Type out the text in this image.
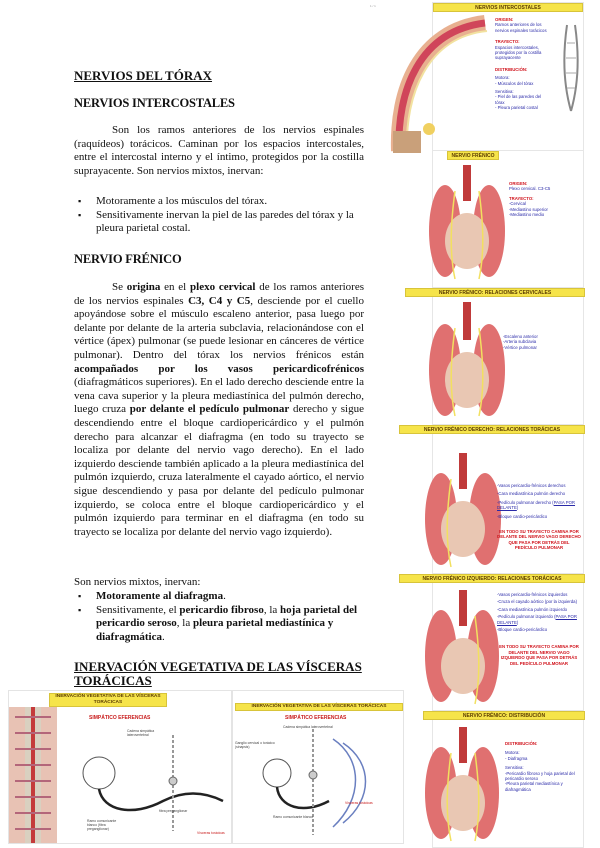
NERVIOS DEL TÓRAX
NERVIOS INTERCOSTALES

Son los ramos anteriores de los nervios espinales (raquídeos) torácicos. Caminan por los espacios intercostales, entre el intercostal interno y el íntimo, protegidos por la costilla suprayacente. Son nervios mixtos, inervan:

▪ Motoramente a los músculos del tórax.
▪ Sensitivamente inervan la piel de las paredes del tórax y la pleura parietal costal.
NERVIO FRÉNICO

Se origina en el plexo cervical de los ramos anteriores de los nervios espinales C3, C4 y C5, desciende por el cuello apoyándose sobre el músculo escaleno anterior, pasa luego por delante por delante de la arteria subclavia, relacionándose con el vértice (ápex) pulmonar (se puede lesionar en cánceres de vértice pulmonar). Dentro del tórax los nervios frénicos están acompañados por los vasos pericardicofrénicos (diafragmáticos superiores). En el lado derecho desciende entre la vena cava superior y la pleura mediastínica del pulmón derecho, luego cruza por delante el pedículo pulmonar derecho y sigue descendiendo entre el bloque cardiopericárdico y el pulmón derecho para alcanzar el diafragma (en todo su trayecto se localiza por delante del nervio vago derecho). En el lado izquierdo desciende también aplicado a la pleura mediastínica del pulmón izquierdo, cruza lateralmente el cayado aórtico, el nervio sigue descendiendo y pasa por delante del pedículo pulmonar izquierdo, se coloca entre el bloque cardiopericárdico y el pulmón izquierdo para terminar en el diafragma (en todo su trayecto se localiza por delante del nervio vago izquierdo).

Son nervios mixtos, inervan:
▪ Motoramente al diafragma.
▪ Sensitivamente, el pericardio fibroso, la hoja parietal del pericardio seroso, la pleura parietal mediastínica y diafragmática.
INERVACIÓN VEGETATIVA DE LAS VÍSCERAS TORÁCICAS
1 / 1	NERVIOS INTERCOSTALES
ORIGEN:
Ramos anteriores de los nervios espinales torácicos
TRAYECTO:
Espacios intercostales, protegidos por la costilla suprayacente
DISTRIBUCIÓN:
Motora:
- Músculos del tórax
Sensitiva:
- Piel de las paredes del tórax
- Pleura parietal costal
NERVIO FRÉNICO
ORIGEN:
Plexo cervical. C3-C5
TRAYECTO:
-Cervical
-Mediastino superior
-Mediastino medio
NERVIO FRÉNICO: RELACIONES CERVICALES
-Escaleno anterior
-Arteria subclavia
-Vértice pulmonar
NERVIO FRÉNICO DERECHO: RELACIONES TORÁCICAS
-Vasos pericardio-frénicos derechos
-Cara mediastínica pulmón derecho
-Pedículo pulmonar derecho (PASA POR DELANTE)
-Bloque cardio-pericárdico
EN TODO SU TRAYECTO CAMINA POR DELANTE DEL NERVIO VAGO DERECHO QUE PASA POR DETRÁS DEL PEDÍCULO PULMONAR
NERVIO FRÉNICO IZQUIERDO: RELACIONES TORÁCICAS
-Vasos pericardio-frénicos izquierdos
-Cruza el cayado aórtico (por la izquierda)
-Cara mediastínica pulmón izquierdo
-Pedículo pulmonar izquierdo (PASA POR DELANTE)
-Bloque cardio-pericárdico
EN TODO SU TRAYECTO CAMINA POR DELANTE DEL NERVIO VAGO IZQUIERDO QUE PASA POR DETRÁS DEL PEDÍCULO PULMONAR
NERVIO FRÉNICO: DISTRIBUCIÓN
DISTRIBUCIÓN:
Motora:
- Diafragma
Sensitiva:
-Pericardio fibroso y hoja parietal del pericardio seroso
-Pleura parietal mediastínica y diafragmática
INERVACIÓN VEGETATIVA DE LAS VÍSCERAS TORÁCICAS
SIMPÁTICO EFERENCIAS
Cadena simpática laterovertebral
Ramo comunicante blanco (fibra preganglionar)
fibra preganglionar
Vísceras torácicas
INERVACIÓN VEGETATIVA DE LAS VÍSCERAS TORÁCICAS
SIMPÁTICO EFERENCIAS
Cadena simpática laterovertebral
Ganglio cervical o torácico (sinapsis)
Ramo comunicante blanco
Vísceras torácicas
